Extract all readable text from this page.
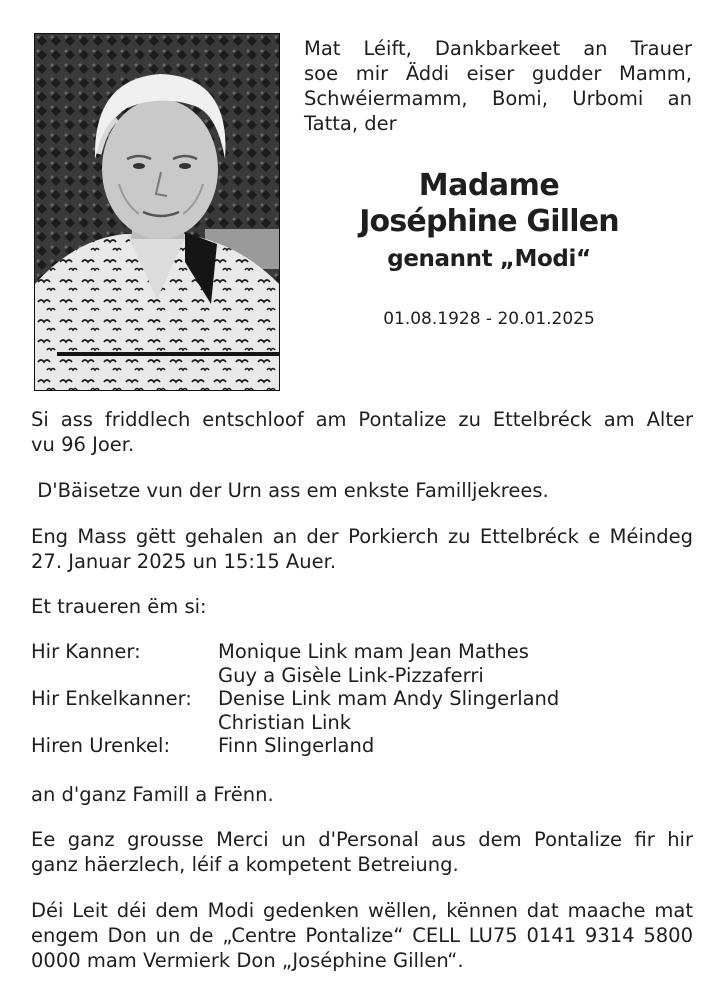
Mat Léift, Dankbarkeet an Trauer
soe mir Äddi eiser gudder Mamm,
Schwéiermamm, Bomi, Urbomi an
Tatta, der
Madame
Joséphine Gillen
genannt „Modi“
01.08.1928 - 20.01.2025
Si ass friddlech entschloof am Pontalize zu Ettelbréck am Alter
vu 96 Joer.
D'Bäisetze vun der Urn ass em enkste Familljekrees.
Eng Mass gëtt gehalen an der Porkierch zu Ettelbréck e Méindeg
27. Januar 2025 un 15:15 Auer.
Et traueren ëm si:
Hir Kanner:	Monique Link mam Jean Mathes
Guy a Gisèle Link-Pizzaferri
Hir Enkelkanner: Denise Link mam Andy Slingerland
Christian Link
Hiren Urenkel: Finn Slingerland
an d'ganz Famill a Frënn.
Ee ganz grousse Merci un d'Personal aus dem Pontalize fir hir
ganz häerzlech, léif a kompetent Betreiung.
Déi Leit déi dem Modi gedenken wëllen, kënnen dat maache mat
engem Don un de „Centre Pontalize“ CELL LU75 0141 9314 5800
0000 mam Vermierk Don „Joséphine Gillen“.
